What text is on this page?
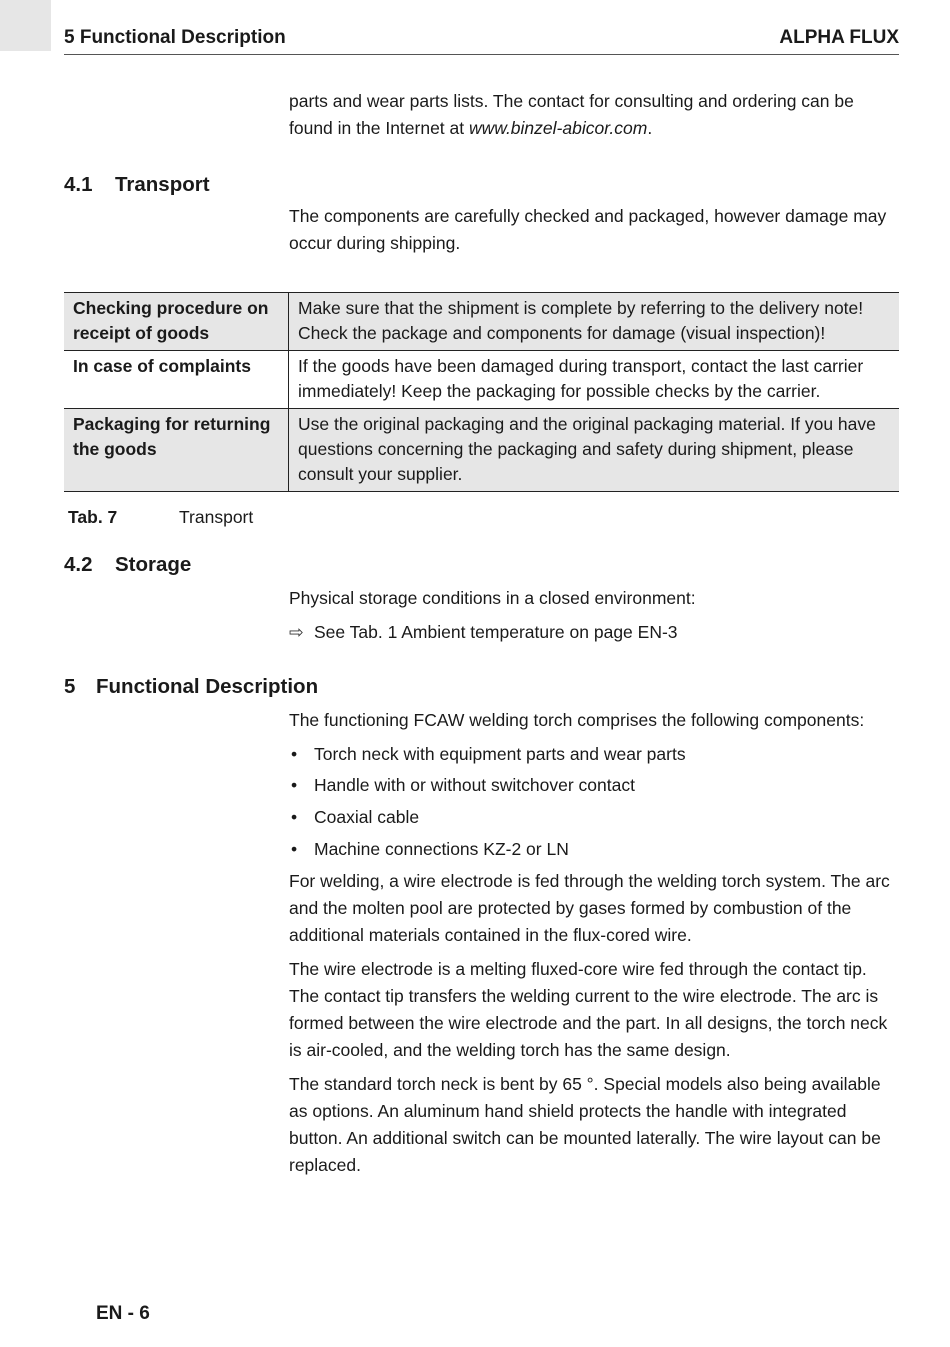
5 Functional Description	ALPHA FLUX

parts and wear parts lists. The contact for consulting and ordering can be found in the Internet at www.binzel-abicor.com.

4.1 Transport

The components are carefully checked and packaged, however damage may occur during shipping.

Checking procedure on receipt of goods	Make sure that the shipment is complete by referring to the delivery note! Check the package and components for damage (visual inspection)!
In case of complaints	If the goods have been damaged during transport, contact the last carrier immediately! Keep the packaging for possible checks by the carrier.
Packaging for returning the goods	Use the original packaging and the original packaging material. If you have questions concerning the packaging and safety during shipment, please consult your supplier.
Tab. 7	Transport
4.2 Storage
Physical storage conditions in a closed environment:
⇨ See Tab. 1 Ambient temperature on page EN-3
5 Functional Description
The functioning FCAW welding torch comprises the following components:
• Torch neck with equipment parts and wear parts
• Handle with or without switchover contact
• Coaxial cable
• Machine connections KZ-2 or LN

For welding, a wire electrode is fed through the welding torch system. The arc and the molten pool are protected by gases formed by combustion of the additional materials contained in the flux-cored wire.

The wire electrode is a melting fluxed-core wire fed through the contact tip. The contact tip transfers the welding current to the wire electrode. The arc is formed between the wire electrode and the part. In all designs, the torch neck is air-cooled, and the welding torch has the same design.

The standard torch neck is bent by 65 °. Special models also being available as options. An aluminum hand shield protects the handle with integrated button. An additional switch can be mounted laterally. The wire layout can be replaced.

EN - 6
